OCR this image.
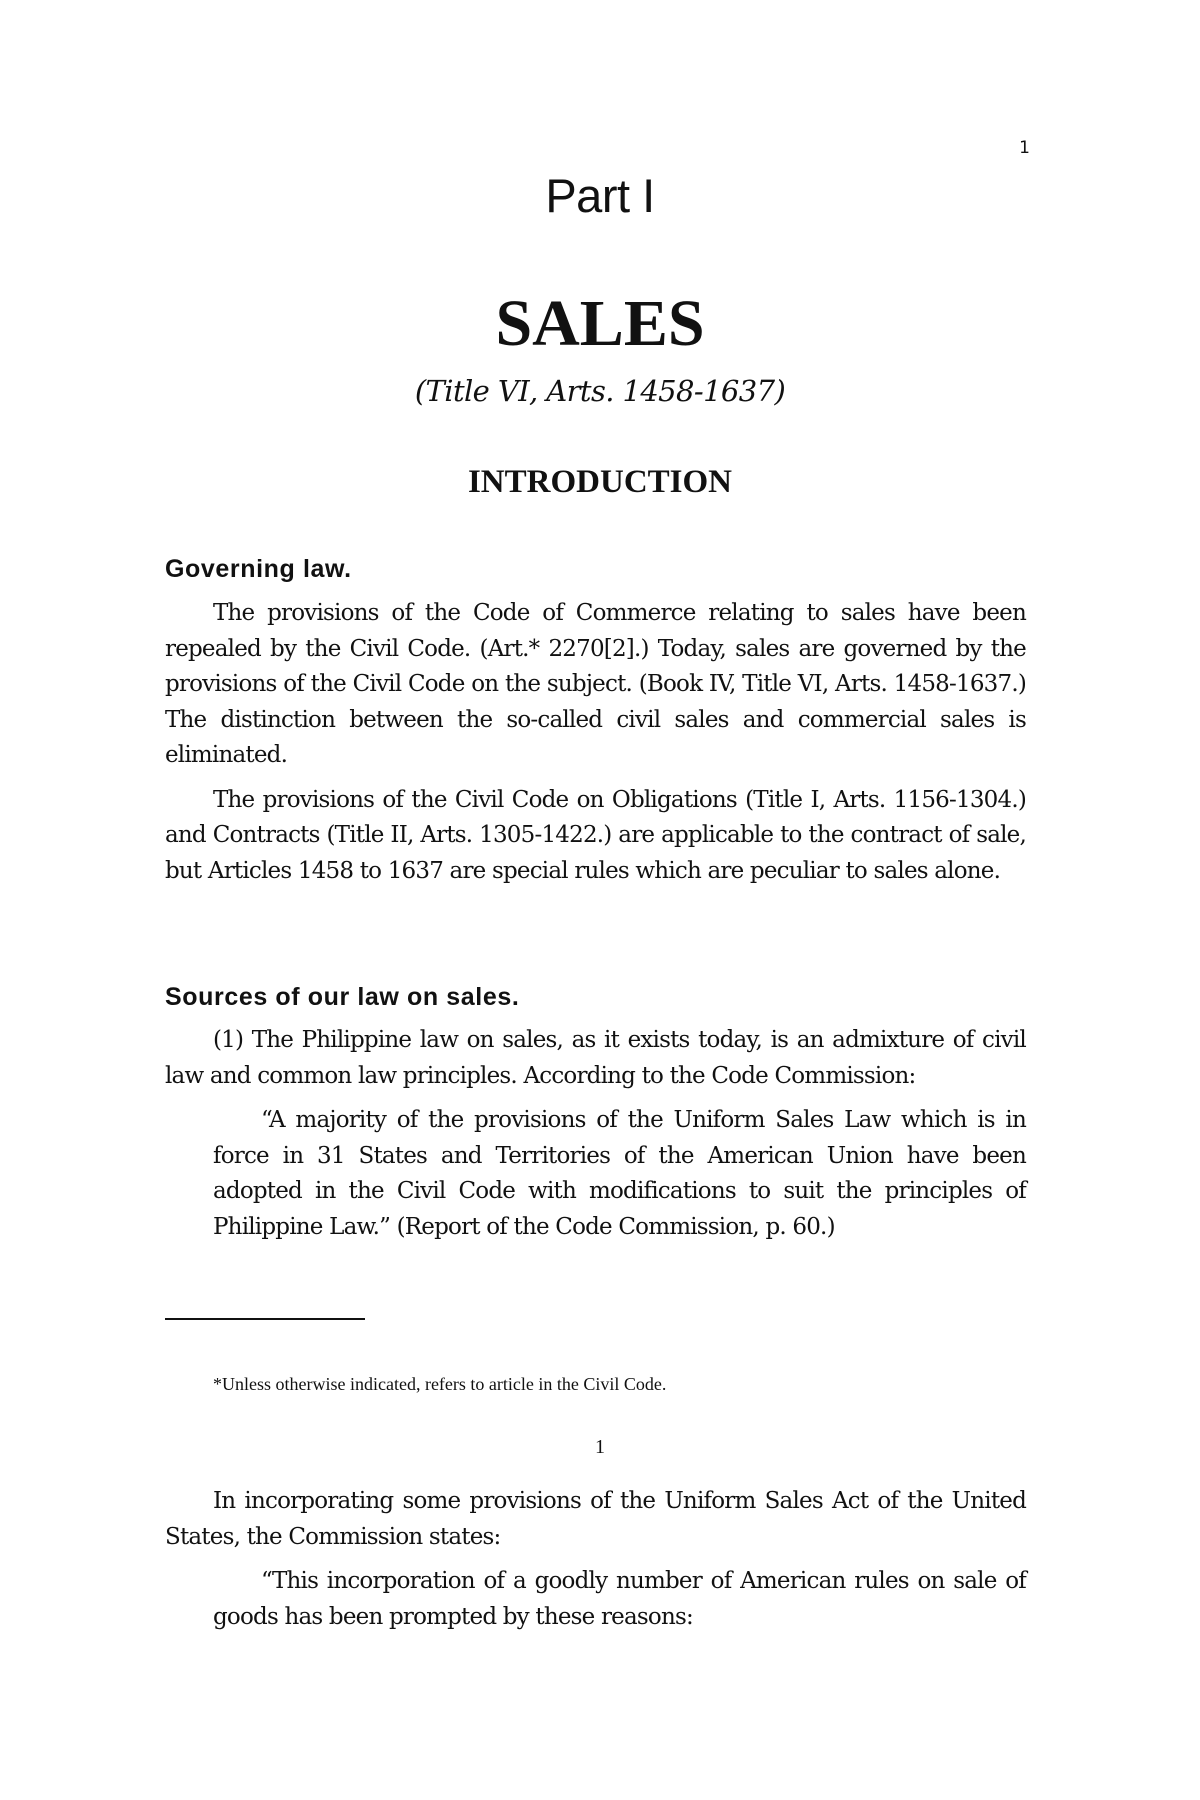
1
Part I
SALES
(Title VI, Arts. 1458-1637)
INTRODUCTION
Governing law.

The provisions of the Code of Commerce relating to sales have been repealed by the Civil Code. (Art.* 2270[2].) Today, sales are governed by the provisions of the Civil Code on the subject. (Book IV, Title VI, Arts. 1458-1637.) The distinction between the so-called civil sales and commercial sales is eliminated.

The provisions of the Civil Code on Obligations (Title I, Arts. 1156-1304.) and Contracts (Title II, Arts. 1305-1422.) are applicable to the contract of sale, but Articles 1458 to 1637 are special rules which are peculiar to sales alone.

Sources of our law on sales.

(1) The Philippine law on sales, as it exists today, is an admixture of civil law and common law principles. According to the Code Commission:

“A majority of the provisions of the Uniform Sales Law which is in force in 31 States and Territories of the American Union have been adopted in the Civil Code with modifications to suit the principles of Philippine Law.” (Report of the Code Commission, p. 60.)

*Unless otherwise indicated, refers to article in the Civil Code.
1

In incorporating some provisions of the Uniform Sales Act of the United States, the Commission states:

“This incorporation of a goodly number of American rules on sale of goods has been prompted by these reasons:
